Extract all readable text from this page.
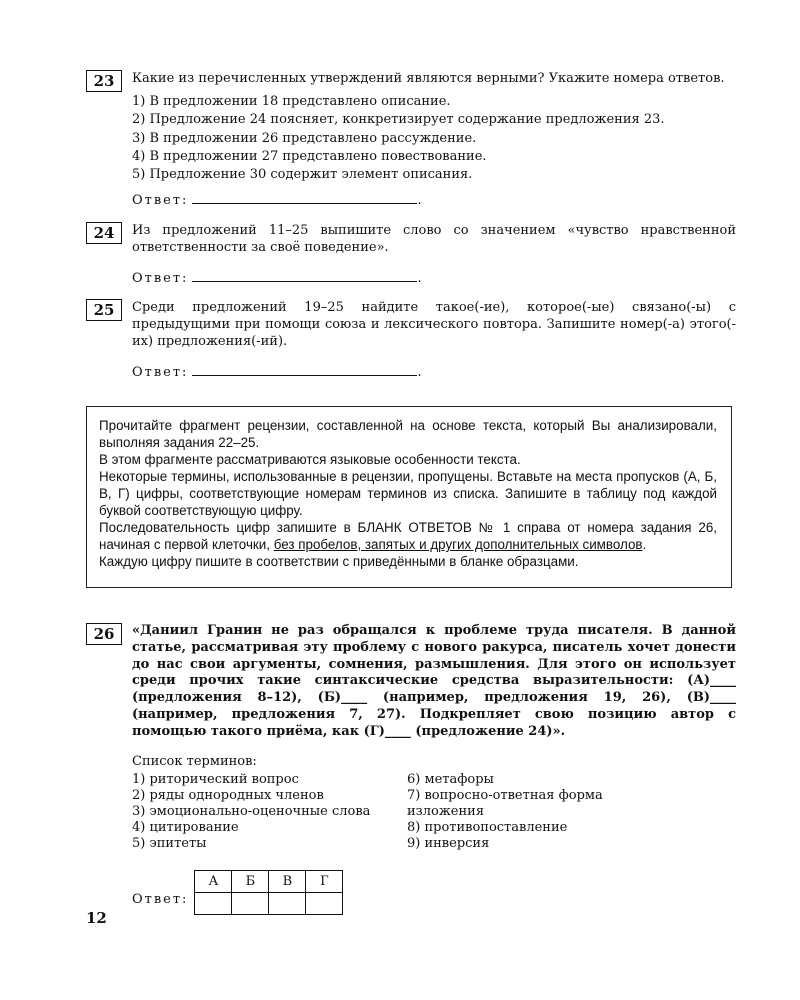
23	Какие из перечисленных утверждений являются верными? Укажите номера ответов.

1) В предложении 18 представлено описание.

2) Предложение 24 поясняет, конкретизирует содержание предложения 23.

3) В предложении 26 представлено рассуждение.

4) В предложении 27 представлено повествование.

5) Предложение 30 содержит элемент описания.

Ответ:	.
24	Из предложений 11–25 выпишите слово со значением «чувство нравственной ответственности за своё поведение».

Ответ:	.
25	Среди предложений 19–25 найдите такое(-ие), которое(-ые) связано(-ы) с предыдущими при помощи союза и лексического повтора. Запишите номер(-а) этого(-их) предложения(-ий).

Ответ:	.

Прочитайте фрагмент рецензии, составленной на основе текста, который Вы анализировали, выполняя задания 22–25.

В этом фрагменте рассматриваются языковые особенности текста.

Некоторые термины, использованные в рецензии, пропущены. Вставьте на места пропусков (А, Б, В, Г) цифры, соответствующие номерам терминов из списка. Запишите в таблицу под каждой буквой соответствующую цифру.

Последовательность цифр запишите в БЛАНК ОТВЕТОВ № 1 справа от номера задания 26, начиная с первой клеточки, без пробелов, запятых и других дополнительных символов.

Каждую цифру пишите в соответствии с приведёнными в бланке образцами.

26	«Даниил Гранин не раз обращался к проблеме труда писателя. В данной статье, рассматривая эту проблему с нового ракурса, писатель хочет донести до нас свои аргументы, сомнения, размышления. Для этого он использует среди прочих такие синтаксические средства выразительности: (А)____ (предложения 8–12), (Б)____ (например, предложения 19, 26), (В)____ (например, предложения 7, 27). Подкрепляет свою позицию автор с помощью такого приёма, как (Г)____ (предложение 24)».

Список терминов:

1) риторический вопрос

2) ряды однородных членов

3) эмоционально-оценочные слова

4) цитирование

5) эпитеты

6) метафоры

7) вопросно-ответная форма изложения

8) противопоставление

9) инверсия

Ответ:
А	Б	В	Г

12
